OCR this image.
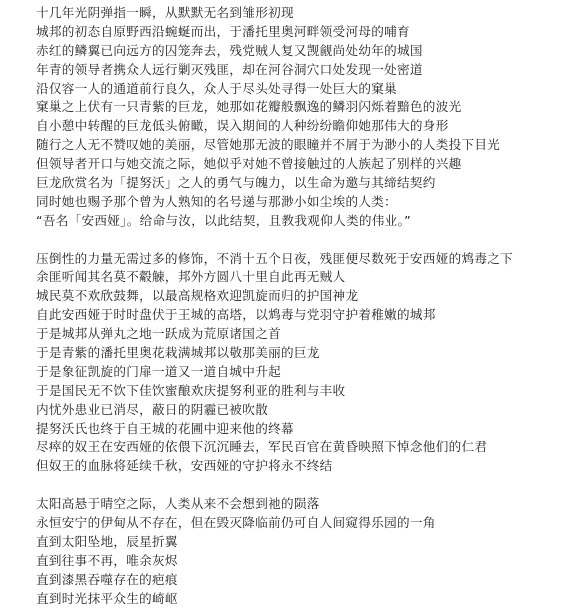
十几年光阴弹指一瞬，从默默无名到雏形初现
城邦的初态自原野西沿蜿蜒而出，于潘托里奥河畔领受河母的哺育
赤红的鳞翼已向远方的囚笼奔去，残党贼人复又觊觎尚处幼年的城国
年青的领导者携众人远行剿灭残匪，却在河谷洞穴口处发现一处密道
沿仅容一人的通道前行良久，众人于尽头处寻得一处巨大的窠巢
窠巢之上伏有一只青紫的巨龙，她那如花瓣般飘逸的鳞羽闪烁着黯色的波光
自小憩中转醒的巨龙低头俯瞰，误入期间的人种纷纷瞻仰她那伟大的身形
随行之人无不赞叹她的美丽，尽管她那无波的眼瞳并不屑于为渺小的人类投下目光
但领导者开口与她交流之际，她似乎对她不曾接触过的人族起了别样的兴趣
巨龙欣赏名为「提努沃」之人的勇气与魄力，以生命为邀与其缔结契约
同时她也赐予那个曾为人熟知的名号递与那渺小如尘埃的人类：
“吾名「安西娅」。给命与汝，以此结契，且教我观仰人类的伟业。”
压倒性的力量无需过多的修饰，不消十五个日夜，残匪便尽数死于安西娅的鸩毒之下
余匪听闻其名莫不觳觫，邦外方圆八十里自此再无贼人
城民莫不欢欣鼓舞，以最高规格欢迎凯旋而归的护国神龙
自此安西娅于时时盘伏于王城的高塔，以鸩毒与党羽守护着稚嫩的城邦
于是城邦从弹丸之地一跃成为荒原诸国之首
于是青紫的潘托里奥花栽满城邦以敬那美丽的巨龙
于是象征凯旋的门扉一道又一道自城中升起
于是国民无不饮下佳饮蜜酿欢庆提努利亚的胜利与丰收
内忧外患业已消尽，蔽日的阴霾已被吹散
提努沃氏也终于自王城的花圃中迎来他的终幕
尽瘁的奴王在安西娅的依偎下沉沉睡去，军民百官在黄昏映照下悼念他们的仁君
但奴王的血脉将延续千秋，安西娅的守护将永不终结
太阳高悬于晴空之际，人类从来不会想到祂的陨落
永恒安宁的伊甸从不存在，但在毁灭降临前仍可自人间窥得乐园的一角
直到太阳坠地，辰星折翼
直到往事不再，唯余灰烬
直到漆黑吞噬存在的疤痕
直到时光抹平众生的崎岖
